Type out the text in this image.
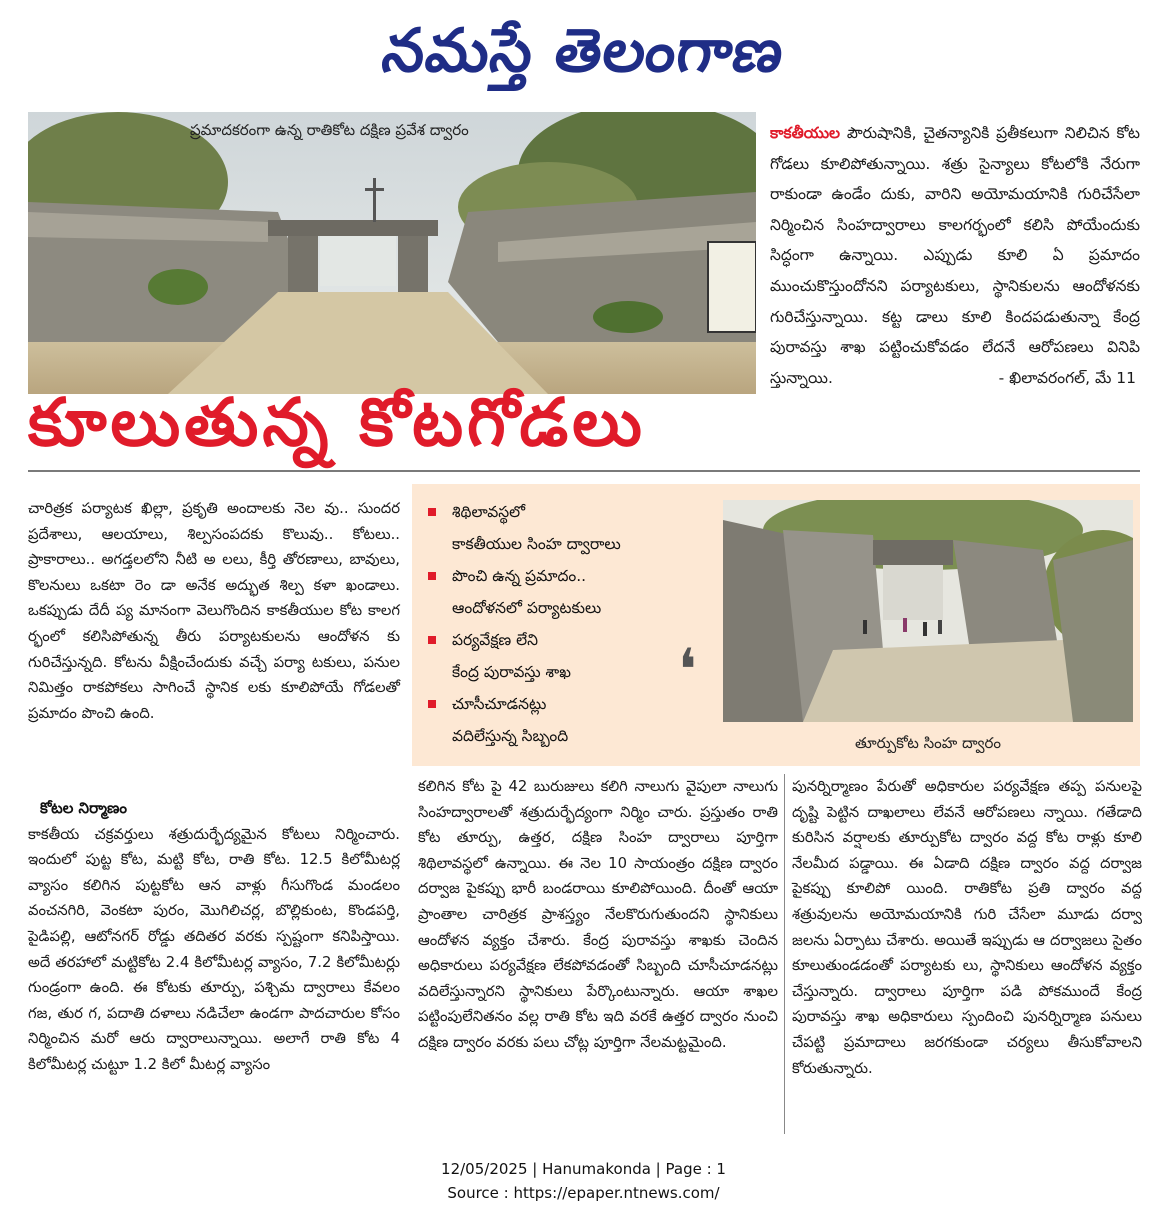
నమస్తే తెలంగాణ
ప్రమాదకరంగా ఉన్న రాతికోట దక్షిణ ప్రవేశ ద్వారం
కూలుతున్న కోటగోడలు
కాకతీయుల పౌరుషానికి, చైతన్యానికి ప్రతీకలుగా నిలిచిన కోట గోడలు కూలిపోతున్నాయి. శత్రు సైన్యాలు కోటలోకి నేరుగా రాకుండా ఉండేం దుకు, వారిని అయోమయానికి గురిచేసేలా నిర్మించిన సింహద్వారాలు కాలగర్భంలో కలిసి పోయేందుకు సిద్ధంగా ఉన్నాయి. ఎప్పుడు కూలి ఏ ప్రమాదం ముంచుకొస్తుందోనని పర్యాటకులు, స్థానికులను ఆందోళనకు గురిచేస్తున్నాయి. కట్ట డాలు కూలి కిందపడుతున్నా కేంద్ర పురావస్తు శాఖ పట్టించుకోవడం లేదనే ఆరోపణలు వినిపి స్తున్నాయి.	- ఖిలావరంగల్, మే 11
చారిత్రక పర్యాటక ఖిల్లా, ప్రకృతి అందాలకు నెల వు.. సుందర ప్రదేశాలు, ఆలయాలు, శిల్పసంపదకు కొలువు.. కోటలు.. ప్రాకారాలు.. అగడ్తలలోని నీటి అ లలు, కీర్తి తోరణాలు, బావులు, కొలనులు ఒకటా రెం డా అనేక అద్భుత శిల్ప కళా ఖండాలు. ఒకప్పుడు దేదీ ప్య మానంగా వెలుగొందిన కాకతీయుల కోట కాలగ ర్భంలో కలిసిపోతున్న తీరు పర్యాటకులను ఆందోళన కు గురిచేస్తున్నది. కోటను వీక్షించేందుకు వచ్చే పర్యా టకులు, పనుల నిమిత్తం రాకపోకలు సాగించే స్థానిక లకు కూలిపోయే గోడలతో ప్రమాదం పొంచి ఉంది.
కోటల నిర్మాణం
కాకతీయ చక్రవర్తులు శత్రుదుర్భేద్యమైన కోటలు నిర్మించారు. ఇందులో పుట్ట కోట, మట్టి కోట, రాతి కోట. 12.5 కిలోమీటర్ల వ్యాసం కలిగిన పుట్టకోట ఆన వాళ్లు గీసుగొండ మండలం వంచనగిరి, వెంకటా పురం, మొగిలిచర్ల, బొల్లికుంట, కొండపర్తి, పైడిపల్లి, ఆటోనగర్ రోడ్డు తదితర వరకు స్పష్టంగా కనిపిస్తాయి. అదే తరహాలో మట్టికోట 2.4 కిలోమీటర్ల వ్యాసం, 7.2 కిలోమీటర్లు గుండ్రంగా ఉంది. ఈ కోటకు తూర్పు, పశ్చిమ ద్వారాలు కేవలం గజ, తుర గ, పదాతి దళాలు నడిచేలా ఉండగా పాదచారుల కోసం నిర్మించిన మరో ఆరు ద్వారాలున్నాయి. అలాగే రాతి కోట 4 కిలోమీటర్ల చుట్టూ 1.2 కిలో మీటర్ల వ్యాసం
శిథిలావస్థలో
కాకతీయుల సింహ ద్వారాలు
పొంచి ఉన్న ప్రమాదం..
ఆందోళనలో పర్యాటకులు
పర్యవేక్షణ లేని
కేంద్ర పురావస్తు శాఖ
చూసీచూడనట్లు
వదిలేస్తున్న సిబ్బంది
❛
తూర్పుకోట సింహ ద్వారం
కలిగిన కోట పై 42 బురుజులు కలిగి నాలుగు వైపులా నాలుగు సింహద్వారాలతో శత్రుదుర్భేద్యంగా నిర్మిం చారు. ప్రస్తుతం రాతి కోట తూర్పు, ఉత్తర, దక్షిణ సింహ ద్వారాలు పూర్తిగా శిథిలావస్థలో ఉన్నాయి. ఈ నెల 10 సాయంత్రం దక్షిణ ద్వారం దర్వాజ పైకప్పు భారీ బండరాయి కూలిపోయింది. దీంతో ఆయా ప్రాంతాల చారిత్రక ప్రాశస్త్యం నేలకొరుగుతుందని స్థానికులు ఆందోళన వ్యక్తం చేశారు. కేంద్ర పురావస్తు శాఖకు చెందిన అధికారులు పర్యవేక్షణ లేకపోవడంతో సిబ్బంది చూసీచూడనట్లు వదిలేస్తున్నారని స్థానికులు పేర్కొంటున్నారు. ఆయా శాఖల పట్టింపులేనితనం వల్ల రాతి కోట ఇది వరకే ఉత్తర ద్వారం నుంచి దక్షిణ ద్వారం వరకు పలు చోట్ల పూర్తిగా నేలమట్టమైంది.
పునర్నిర్మాణం పేరుతో అధికారుల పర్యవేక్షణ తప్ప పనులపై దృష్టి పెట్టిన దాఖలాలు లేవనే ఆరోపణలు న్నాయి. గతేడాది కురిసిన వర్షాలకు తూర్పుకోట ద్వారం వద్ద కోట రాళ్లు కూలి నేలమీద పడ్డాయి. ఈ ఏడాది దక్షిణ ద్వారం వద్ద దర్వాజ పైకప్పు కూలిపో యింది. రాతికోట ప్రతి ద్వారం వద్ద శత్రువులను అయోమయానికి గురి చేసేలా మూడు దర్వా జలను ఏర్పాటు చేశారు. అయితే ఇప్పుడు ఆ దర్వాజలు సైతం కూలుతుండడంతో పర్యాటకు లు, స్థానికులు ఆందోళన వ్యక్తం చేస్తున్నారు. ద్వారాలు పూర్తిగా పడి పోకముందే కేంద్ర పురావస్తు శాఖ అధికారులు స్పందించి పునర్నిర్మాణ పనులు చేపట్టి ప్రమాదాలు జరగకుండా చర్యలు తీసుకోవాలని కోరుతున్నారు.
12/05/2025 | Hanumakonda | Page : 1
Source : https://epaper.ntnews.com/
